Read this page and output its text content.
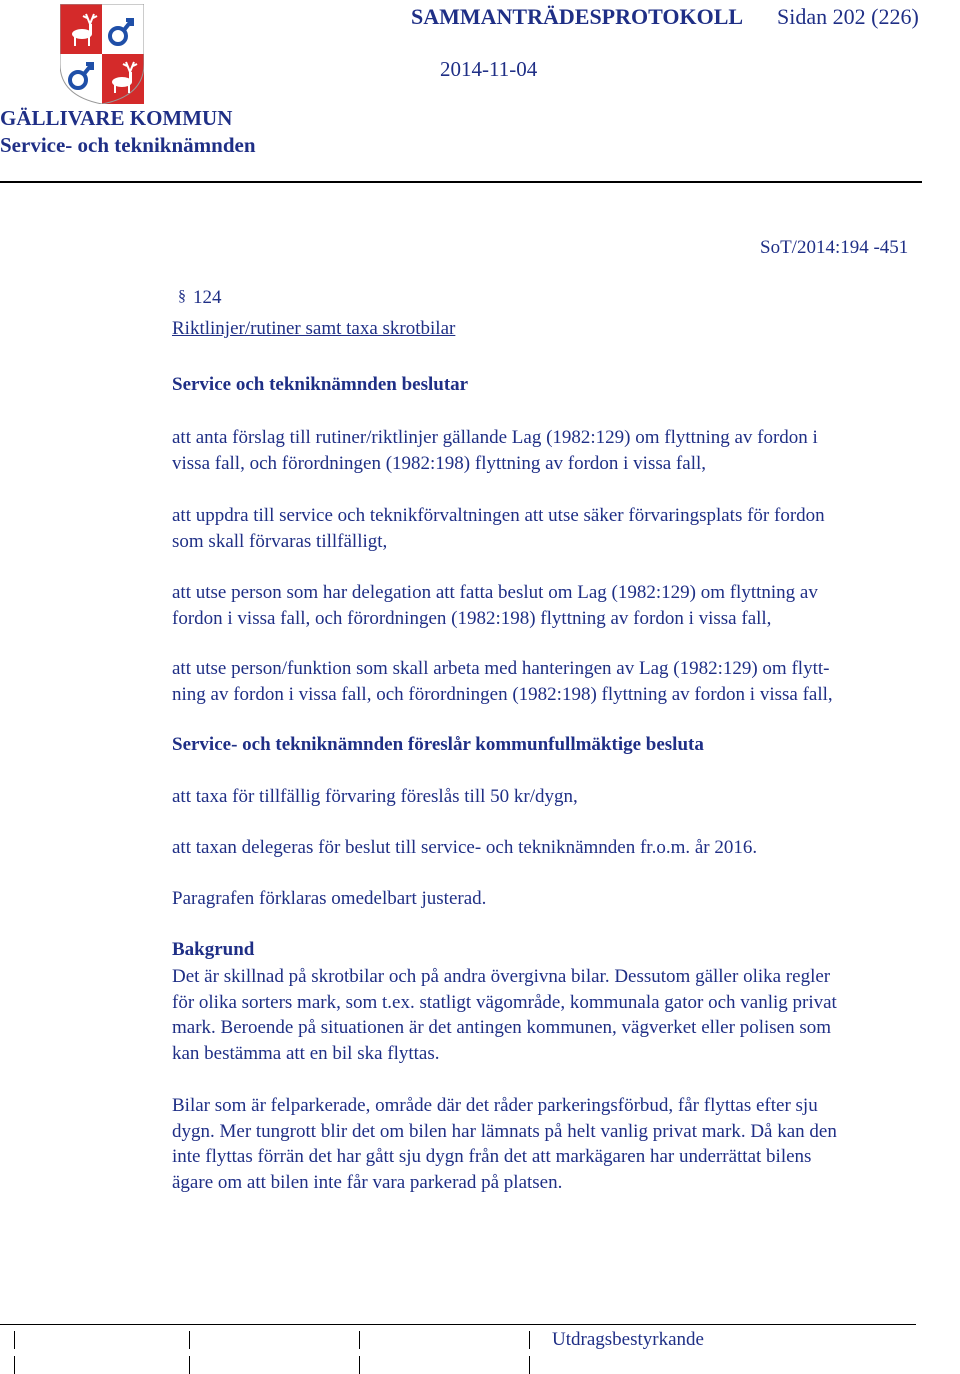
SAMMANTRÄDESPROTOKOLL Sidan 202 (226)
2014-11-04
GÄLLIVARE KOMMUN
Service- och tekniknämnden
SoT/2014:194 -451
§ 124
Riktlinjer/rutiner samt taxa skrotbilar
Service och tekniknämnden beslutar
att anta förslag till rutiner/riktlinjer gällande Lag (1982:129) om flyttning av fordon i
vissa fall, och förordningen (1982:198) flyttning av fordon i vissa fall,
att uppdra till service och teknikförvaltningen att utse säker förvaringsplats för fordon
som skall förvaras tillfälligt,
att utse person som har delegation att fatta beslut om Lag (1982:129) om flyttning av
fordon i vissa fall, och förordningen (1982:198) flyttning av fordon i vissa fall,
att utse person/funktion som skall arbeta med hanteringen av Lag (1982:129) om flytt-
ning av fordon i vissa fall, och förordningen (1982:198) flyttning av fordon i vissa fall,
Service- och tekniknämnden föreslår kommunfullmäktige besluta
att taxa för tillfällig förvaring föreslås till 50 kr/dygn,
att taxan delegeras för beslut till service- och tekniknämnden fr.o.m. år 2016.
Paragrafen förklaras omedelbart justerad.
Bakgrund
Det är skillnad på skrotbilar och på andra övergivna bilar. Dessutom gäller olika regler
för olika sorters mark, som t.ex. statligt vägområde, kommunala gator och vanlig privat
mark. Beroende på situationen är det antingen kommunen, vägverket eller polisen som
kan bestämma att en bil ska flyttas.
Bilar som är felparkerade, område där det råder parkeringsförbud, får flyttas efter sju
dygn. Mer tungrott blir det om bilen har lämnats på helt vanlig privat mark. Då kan den
inte flyttas förrän det har gått sju dygn från det att markägaren har underrättat bilens
ägare om att bilen inte får vara parkerad på platsen.
Utdragsbestyrkande
